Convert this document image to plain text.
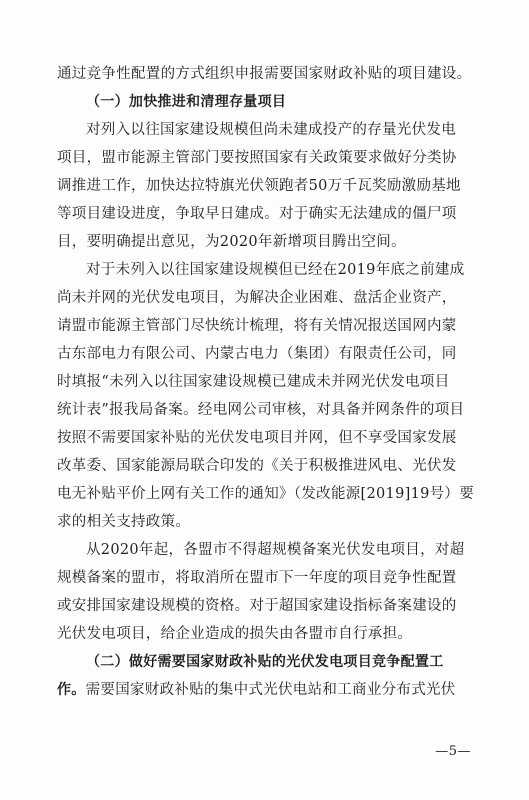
通过竞争性配置的方式组织申报需要国家财政补贴的项目建设。

（一）加快推进和清理存量项目

对列入以往国家建设规模但尚未建成投产的存量光伏发电
项目，盟市能源主管部门要按照国家有关政策要求做好分类协
调推进工作，加快达拉特旗光伏领跑者50万千瓦奖励激励基地
等项目建设进度，争取早日建成。对于确实无法建成的僵尸项
目，要明确提出意见，为2020年新增项目腾出空间。

对于未列入以往国家建设规模但已经在2019年底之前建成
尚未并网的光伏发电项目，为解决企业困难、盘活企业资产，
请盟市能源主管部门尽快统计梳理，将有关情况报送国网内蒙
古东部电力有限公司、内蒙古电力（集团）有限责任公司，同
时填报“未列入以往国家建设规模已建成未并网光伏发电项目
统计表”报我局备案。经电网公司审核，对具备并网条件的项目
按照不需要国家补贴的光伏发电项目并网，但不享受国家发展
改革委、国家能源局联合印发的《关于积极推进风电、光伏发
电无补贴平价上网有关工作的通知》（发改能源[2019]19号）要
求的相关支持政策。

从2020年起，各盟市不得超规模备案光伏发电项目，对超
规模备案的盟市，将取消所在盟市下一年度的项目竞争性配置
或安排国家建设规模的资格。对于超国家建设指标备案建设的
光伏发电项目，给企业造成的损失由各盟市自行承担。

（二）做好需要国家财政补贴的光伏发电项目竞争配置工
作。需要国家财政补贴的集中式光伏电站和工商业分布式光伏

—5—
